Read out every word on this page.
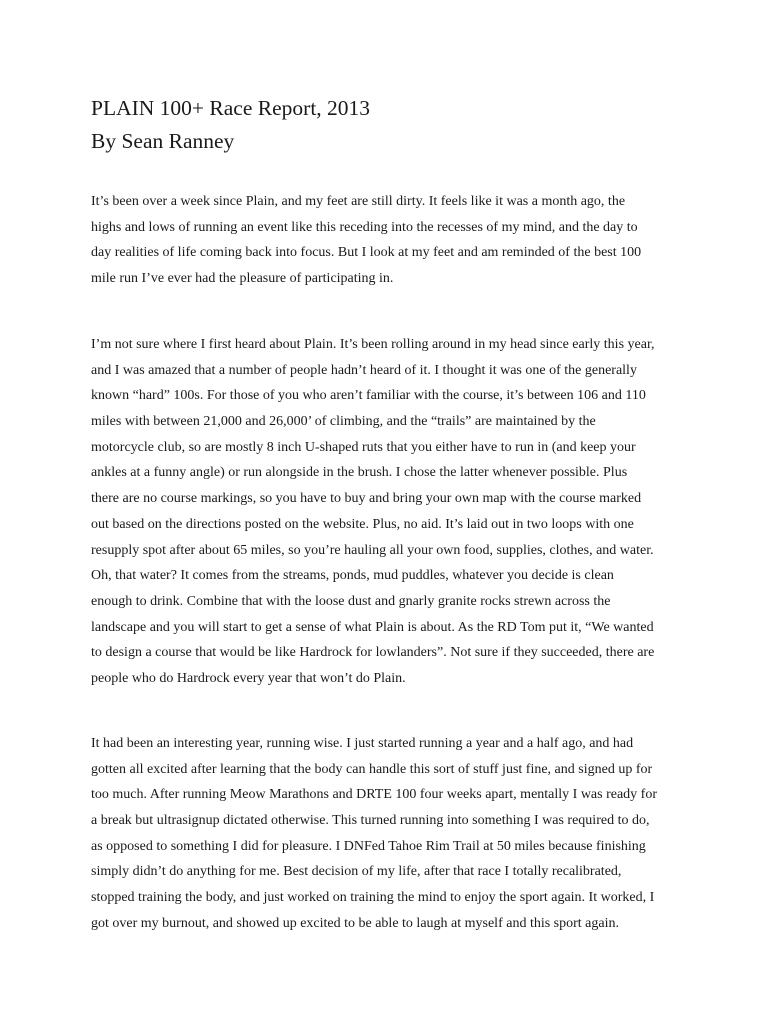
PLAIN 100+ Race Report, 2013
By Sean Ranney

It’s been over a week since Plain, and my feet are still dirty. It feels like it was a month ago, the
highs and lows of running an event like this receding into the recesses of my mind, and the day to
day realities of life coming back into focus. But I look at my feet and am reminded of the best 100
mile run I’ve ever had the pleasure of participating in.

I’m not sure where I first heard about Plain. It’s been rolling around in my head since early this year,
and I was amazed that a number of people hadn’t heard of it. I thought it was one of the generally
known “hard” 100s. For those of you who aren’t familiar with the course, it’s between 106 and 110
miles with between 21,000 and 26,000’ of climbing, and the “trails” are maintained by the
motorcycle club, so are mostly 8 inch U-shaped ruts that you either have to run in (and keep your
ankles at a funny angle) or run alongside in the brush. I chose the latter whenever possible. Plus
there are no course markings, so you have to buy and bring your own map with the course marked
out based on the directions posted on the website. Plus, no aid. It’s laid out in two loops with one
resupply spot after about 65 miles, so you’re hauling all your own food, supplies, clothes, and water.
Oh, that water? It comes from the streams, ponds, mud puddles, whatever you decide is clean
enough to drink. Combine that with the loose dust and gnarly granite rocks strewn across the
landscape and you will start to get a sense of what Plain is about. As the RD Tom put it, “We wanted
to design a course that would be like Hardrock for lowlanders”. Not sure if they succeeded, there are
people who do Hardrock every year that won’t do Plain.

It had been an interesting year, running wise. I just started running a year and a half ago, and had
gotten all excited after learning that the body can handle this sort of stuff just fine, and signed up for
too much. After running Meow Marathons and DRTE 100 four weeks apart, mentally I was ready for
a break but ultrasignup dictated otherwise. This turned running into something I was required to do,
as opposed to something I did for pleasure. I DNFed Tahoe Rim Trail at 50 miles because finishing
simply didn’t do anything for me. Best decision of my life, after that race I totally recalibrated,
stopped training the body, and just worked on training the mind to enjoy the sport again. It worked, I
got over my burnout, and showed up excited to be able to laugh at myself and this sport again.
